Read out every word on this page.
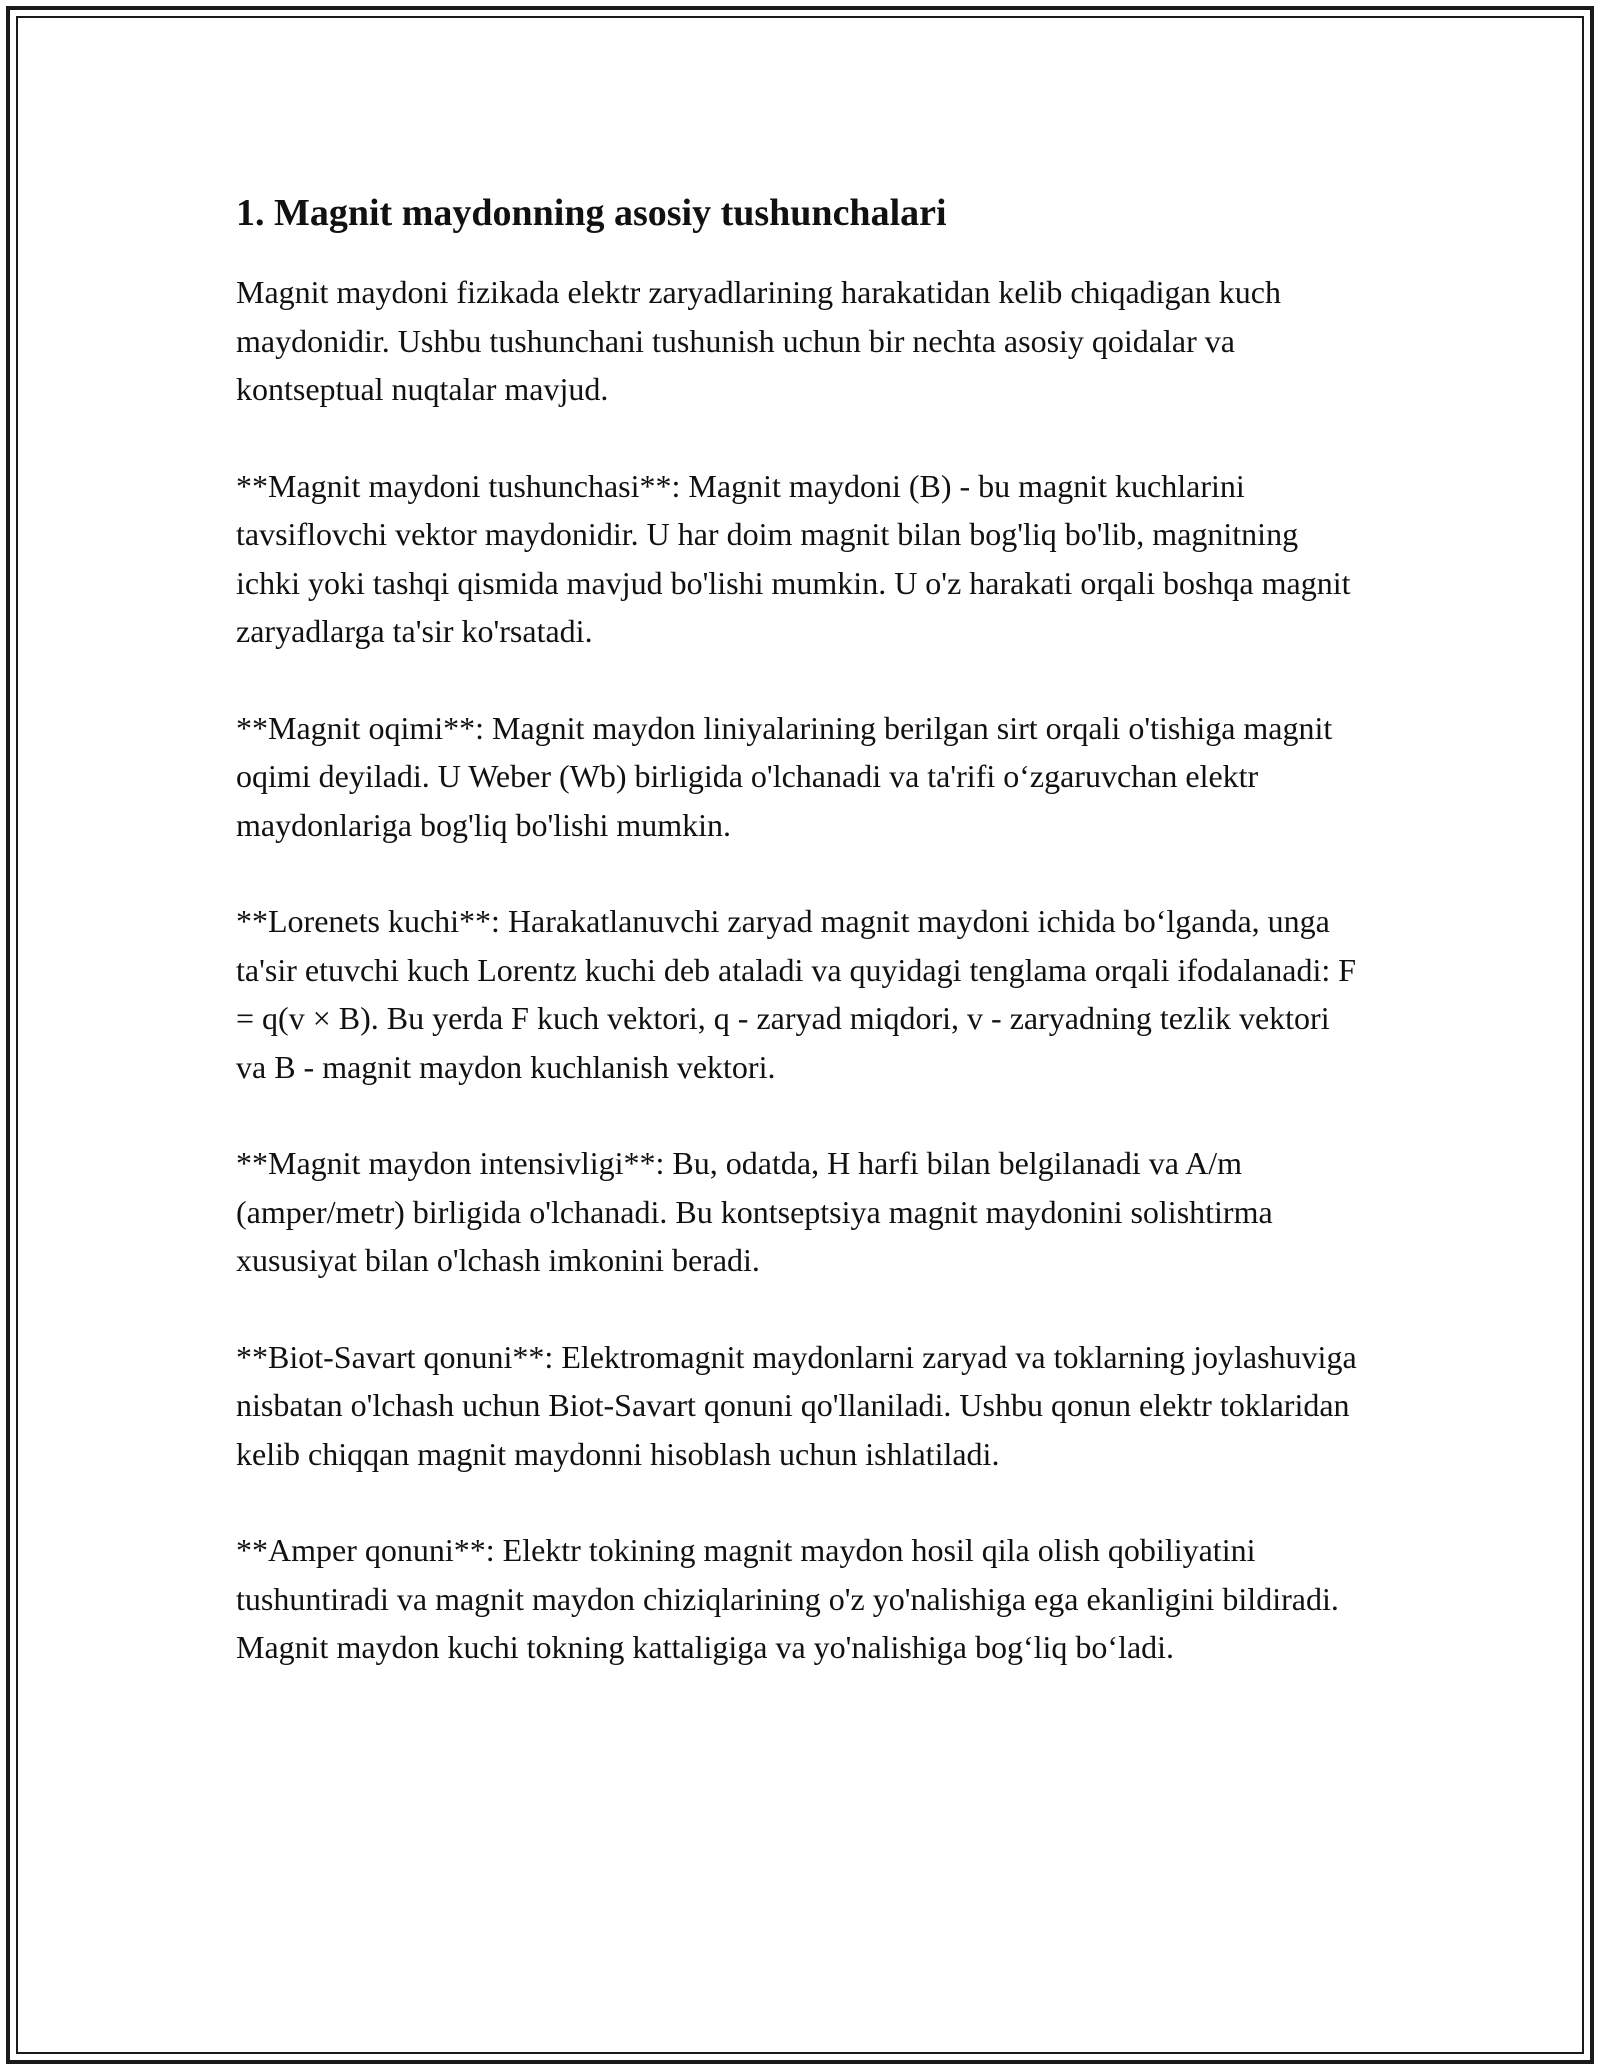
1. Magnit maydonning asosiy tushunchalari

Magnit maydoni fizikada elektr zaryadlarining harakatidan kelib chiqadigan kuch maydonidir. Ushbu tushunchani tushunish uchun bir nechta asosiy qoidalar va kontseptual nuqtalar mavjud.

**Magnit maydoni tushunchasi**: Magnit maydoni (B) - bu magnit kuchlarini tavsiflovchi vektor maydonidir. U har doim magnit bilan bog'liq bo'lib, magnitning ichki yoki tashqi qismida mavjud bo'lishi mumkin. U o'z harakati orqali boshqa magnit zaryadlarga ta'sir ko'rsatadi.

**Magnit oqimi**: Magnit maydon liniyalarining berilgan sirt orqali o'tishiga magnit oqimi deyiladi. U Weber (Wb) birligida o'lchanadi va ta'rifi o‘zgaruvchan elektr maydonlariga bog'liq bo'lishi mumkin.

**Lorenets kuchi**: Harakatlanuvchi zaryad magnit maydoni ichida bo‘lganda, unga ta'sir etuvchi kuch Lorentz kuchi deb ataladi va quyidagi tenglama orqali ifodalanadi: F = q(v × B). Bu yerda F kuch vektori, q - zaryad miqdori, v - zaryadning tezlik vektori va B - magnit maydon kuchlanish vektori.

**Magnit maydon intensivligi**: Bu, odatda, H harfi bilan belgilanadi va A/m (amper/metr) birligida o'lchanadi. Bu kontseptsiya magnit maydonini solishtirma xususiyat bilan o'lchash imkonini beradi.

**Biot-Savart qonuni**: Elektromagnit maydonlarni zaryad va toklarning joylashuviga nisbatan o'lchash uchun Biot-Savart qonuni qo'llaniladi. Ushbu qonun elektr toklaridan kelib chiqqan magnit maydonni hisoblash uchun ishlatiladi.

**Amper qonuni**: Elektr tokining magnit maydon hosil qila olish qobiliyatini tushuntiradi va magnit maydon chiziqlarining o'z yo'nalishiga ega ekanligini bildiradi. Magnit maydon kuchi tokning kattaligiga va yo'nalishiga bog‘liq bo‘ladi.
